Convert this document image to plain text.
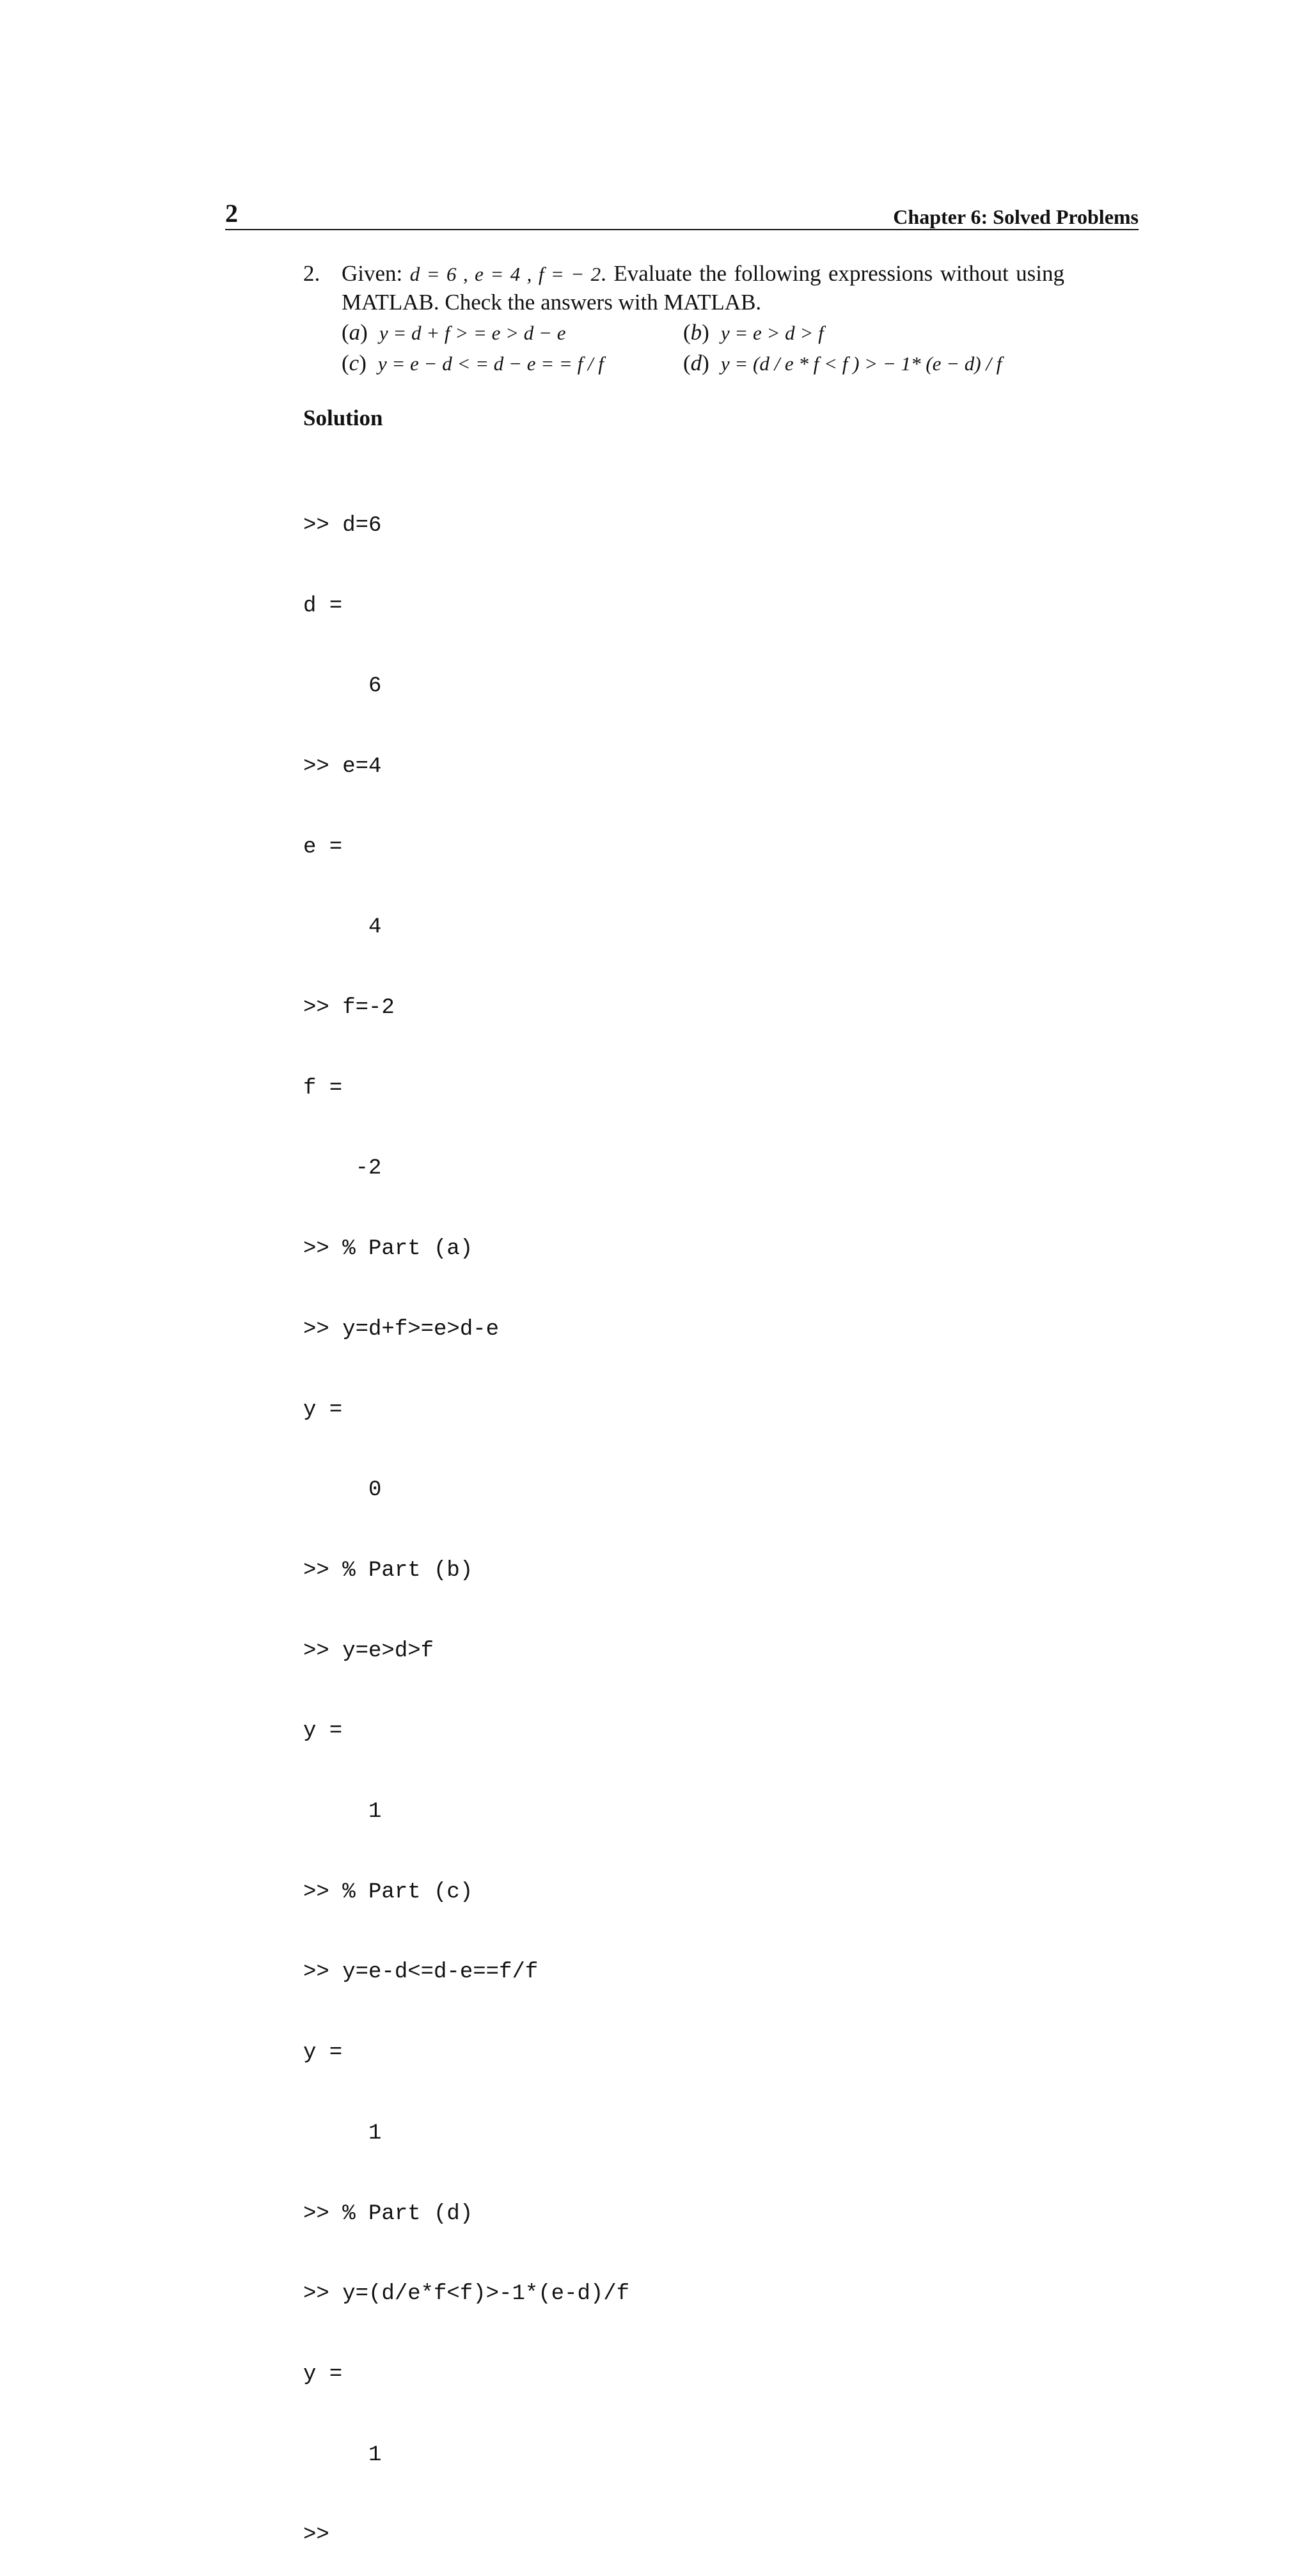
2	Chapter 6: Solved Problems
2. Given: d = 6 , e = 4 , f = − 2. Evaluate the following expressions without using MATLAB. Check the answers with MATLAB.
(a) y = d + f > = e > d − e	(b) y = e > d > f
(c) y = e − d < = d − e = = f / f	(d) y = (d / e * f < f ) > − 1* (e − d) / f
Solution

>> d=6

d =

6

>> e=4

e =

4

>> f=-2

f =

-2

>> % Part (a)

>> y=d+f>=e>d-e

y =

0

>> % Part (b)

>> y=e>d>f

y =

1

>> % Part (c)

>> y=e-d<=d-e==f/f

y =

1

>> % Part (d)

>> y=(d/e*f<f)>-1*(e-d)/f

y =

1

>>
